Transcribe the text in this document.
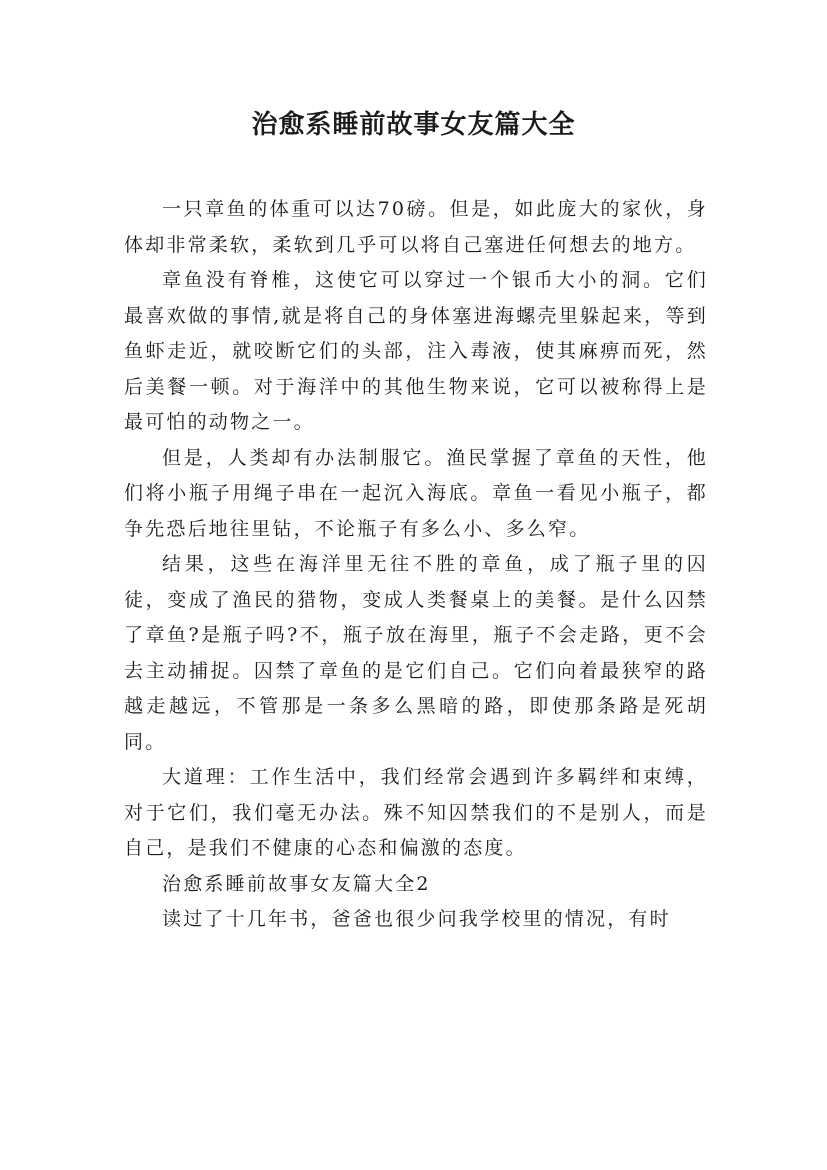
治愈系睡前故事女友篇大全

一只章鱼的体重可以达70磅。但是，如此庞大的家伙，身体却非常柔软，柔软到几乎可以将自己塞进任何想去的地方。

章鱼没有脊椎，这使它可以穿过一个银币大小的洞。它们最喜欢做的事情,就是将自己的身体塞进海螺壳里躲起来，等到鱼虾走近，就咬断它们的头部，注入毒液，使其麻痹而死，然后美餐一顿。对于海洋中的其他生物来说，它可以被称得上是最可怕的动物之一。

但是，人类却有办法制服它。渔民掌握了章鱼的天性，他们将小瓶子用绳子串在一起沉入海底。章鱼一看见小瓶子，都争先恐后地往里钻，不论瓶子有多么小、多么窄。

结果，这些在海洋里无往不胜的章鱼，成了瓶子里的囚徒，变成了渔民的猎物，变成人类餐桌上的美餐。是什么囚禁了章鱼?是瓶子吗?不，瓶子放在海里，瓶子不会走路，更不会去主动捕捉。囚禁了章鱼的是它们自己。它们向着最狭窄的路越走越远，不管那是一条多么黑暗的路，即使那条路是死胡同。

大道理：工作生活中，我们经常会遇到许多羁绊和束缚，对于它们，我们毫无办法。殊不知囚禁我们的不是别人，而是自己，是我们不健康的心态和偏激的态度。

治愈系睡前故事女友篇大全2

读过了十几年书，爸爸也很少问我学校里的情况，有时
